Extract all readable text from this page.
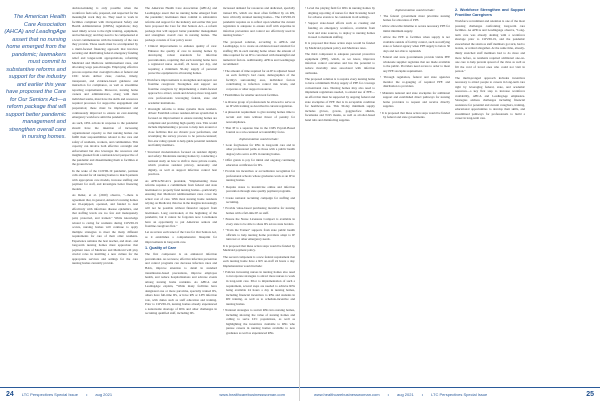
The American Health Care Association (AHCA) and LeadingAge assert that no nursing home emerged from the pandemic; lawmakers must commit to substantive reforms and support for the industry and earlier this year have proposed the Care for Our Seniors Act—a reform package that will support better pandemic management and strengthen overall care in nursing homes.

decision-making is only possible when the workforce feels safe, prepared, and respected for the meaningful work they do. They need to work in facilities compliant with Occupational Safety and Health Administration (OSHA) regulations; they need timely access to the right training, equipment, and technology; and they need to be compensated at a level commensurate with the intensity of the care they provide. These needs must be accompanied by a multi-faceted financing approach that involves securing and distributing federal emergency funding relief and longer-term appropriations, reforming Medicaid and Medicare reimbursement rates, and allocating wage pass-throughs. Employing effective process requires that oversight bodies at federal and CDC levels deliver clear, concise, timely, transparent, and evidence-based guidance and instruction for compliance, as well as streamline reporting requirements. Moreover, nursing home owners and administrators, along with their individual teams, must have the skills and resources required processes for supportive engagement and preparation; these must be implemented and continuously improved to ensure an ever-learning emergency workforce amid the pandemic.

As such, ONL actions in response to the pandemic should have the intention of increasing organizational capacity so that nursing homes can fulfill their responsibilities related to the care and safety of residents, workers, and communities. This capacity can involve both effective oversight and enforcement but also leverages the resources and insights gleaned from a national-level perspective of the pandemic and disseminating them to facilities at the ground level.

In the wake of the COVID-19 pandemic, partisan calls abound for all nursing homes to match patients with appropriate care models, increase staffing and payment for staff, and investigate better financing models.

As Reher, et al. (2020) observe, "...there is agreement that, in general, America's nursing homes are ill-equipped, operated, and funded to deal effectively with infectious disease epidemics, and that staffing levels are too few and inadequately paid, protected, and trained." While knowledge related to caring for residents during COVID-19 occurs, nursing homes will continue to apply multiple strategies to meet the many different requirements for care of their older residents. Experience remains the best teacher, and short- and long-term nursing homes must appreciate that payment rates of Medicare and Medicaid will play crucial roles in instilling a new culture for the appropriate services and settings for the care nursing homes currently provide.

The American Health Care Association (AHCA) and LeadingAge assert that no nursing home emerged from the pandemic; lawmakers must commit to substantive reforms and support for the industry and earlier this year have proposed the Care for Our Seniors Act—a reform package that will support better pandemic management and strengthen overall care in nursing homes. The package consists of four policy areas:

• Clinical improvements to enhance quality of care: Enhance the quality of care in nursing homes by developing robust standards for infection preventionists, requiring that each nursing home have a registered nurse on-staff, 24 hours per day, and requiring a minimum 30-day supply of personal protective equipment in all nursing homes.

• Workforce improvements to strengthen and support our frontline caregivers: Strengthen and support our frontline caregivers by implementing a multi-faceted approach to attract, retain and develop more long-term care professionals leveraging federal, state and academic institutions.

• Oversight reforms to make systems more resident-driven: Establish a more resident-driven system that is focused on improvement to ensure nursing homes are compliant and providing high quality care. This would include implementing a process to help turn around or close facilities that are chronic poor performers, and revamping the survey process to be person-centered; five-star rating system to help guide potential residents and family members.

• Structural modernization focused on resident dignity and safety: Modernize nursing homes by conducting a national study on how to shift to more private rooms, which promote resident privacy, autonomy and dignity, as well as support infection control best practices.

As AHCA/NCAL's president, "Implementing these reforms requires a commitment from federal and state lawmakers to properly fund nursing homes—particularly ensuring that Medicaid reimbursement rates cover the actual cost of care. With most nursing home residents relying on Medicaid, this rise in the margins increasingly will not be possible without financial support from lawmakers. Long overlooked, at the beginning of the pandemic, but it cannot be forgotten now. Lawmakers have an opportunity to put American seniors and frontline caregivers first."

Let us review each tenet of the Care for Our Seniors Act, as it establishes a comprehensive blueprint for improvements in long-term care.

1. Quality of Care

The first component is an enhanced infection preventionist. As we know, effective infection prevention and control programs can decrease infection rates and HAIs, improve attention to detail in standard transmission-based precautions, improve employee health, and reduce hospitalizations and adverse events among nursing home residents. As AHCA and LeadingAge explain, "While many facilities have designated one or more part-time, specialty trained IPs, others have full-time IPs, or have RN or LPN infection role, with duties such as staff education and training. Prior to COVID-19, nursing homes already experienced a nationwide shortage of RNs and other challenges in recruiting qualified staff, including IPs.

increased demand for resources and dedicated, specially trained IPs, which are most often fulfilled by an RN, have critically strained nursing homes... The COVID-19 pandemic requires us to reflect upon whether the current regulation is adequate to ensure staff with expertise in infection prevention and control are effectively used in nursing homes."

The proposed solution, according to AHCA and LeadingAge, is to create an evidence-based standard for staffing IPs in each nursing home where the amount of time required for an IP is correlated with meaningful and numerical factors. Additionally, AHCA and LeadingAge recommend:

• The amount of time required for an IP is adjusted based on each facility's bed count, demographics of the facility's surrounding area, individual factors contributing to infection control risk levels, and corporate or other support resources.

• Flexibilities for smaller and rural facilities.

• A diverse group of professionals be allowed to serve as an IP with training as described in current regulation.

• A phased-in requirement to give nursing homes time to recruit and train without threat of penalty for noncompliance.

• That IP is a separate line in the CMS Payroll-Based Journal as a role-centered accountability focus.

Implementation would include:

• Loan forgiveness for RNs in long-term care and in other professional paths as those with a public health degree) who serve as IPs in nursing homes.

• Offer grants to pay for initial and ongoing continuing education certificates for IPs.

• Provide tax incentives or accreditation recognition for professional schools whose graduates work as an IP in nursing homes.

• Require states to incentivize online and infection prevention through state quality payment programs.

• Create national recruiting campaign for staffing and recruiting.

• Provide value-based purchasing incentive for nursing homes with a full-time IP on staff.

• Ensure the Nurse Licensure Compact is available in every state to be able to share IPs across state borders.

• "Train the Trainer" supports from state public health officials to help nursing home providers adapt to IP turnover or other emergency needs.

It is proposed that these action steps would be funded by Medicaid payment policy.

The second component is a new federal requirement that each nursing home have a RN on-staff 24 hours a day. Implementation would include:

• Policies increasing nurses in nursing homes also need to incorporate strategies to attract more nurses to work in long-term care. Prior to implementation of such a requirement, several steps are needed to achieve RNs being available 24 hours a day in nursing homes, including financial incentives to RNs and students in RN training, as well as to schedule-incentive and nursing homes.

• National strategies to recruit RNs into nursing homes, including showing the value of nursing homes and calling to serve LTC populations, as well as highlighting the incentives available to RNs who pursue careers in nursing homes available to new graduates as well as experienced RNs.

24 LTC Perspectives Special Issue • aug 2021	www.healthcarebusinesswoman.com

• Level the playing field for RNs in nursing homes by aligning reporting of nurses for their licensing board for adverse events to be consistent in all settings.

• Support state-based efforts such as creating and funding an emergency workforce, available from local and state sources, to deploy to nursing homes in need to maintain staffing.

It is proposed that these action steps would be funded by Medicaid payment policy and Medicare rates.

The third component is adequate personal protective equipment (PPE), which, as we know, improves infection control outcomes and has the potential to reduce mortality rates associated with infection outbreaks.

The proposed solution is to require every nursing home to have a minimum 30-day supply of PPE for coverage conventional care. Nursing homes may also need to implement regulations needed, to extend use of PPE—an effort that must be supported by ongoing federal and state stockpiles of PPE that is in acceptable condition for healthcare use. This 30-day minimum supply includes gloves, gowns, goggles/face shields, facemasks and N-95 masks, as well as alcohol-based hand rubs and disinfecting supplies.

Implementation would include:

• The federal government must prioritize nursing homes for allocation of PPE.

• Allow allowable timeline to secure necessary PPE for initial minimum supply.

• Allow the PPE to facilities when supply is not available outside of facility control, such as notifying state or federal agency when PPE supply is below 30 days and not able to replenish.

• Federal and state governments provide viable PPE wholesale supplier registries that are made available to the public. Providers need access to order to meet any PPE stockpile requirement.

• Through regulation, federal and state agencies monitor the re-gauging of required PPE and distribution to providers.

• Maintain national and state stockpiles for additional support and established direct pathways for nursing home providers to request and receive directly supplies.

• It is proposed that these action steps would be funded by federal and state governments.

2. Workforce Strengthen and Support Frontline Caregivers

Workforce recruitment and retention is one of the most pressing challenges confronting long-term care facilities. As AHCA and LeadingAge observe, "Long-term care was already dealing with a workforce shortage prior to COVID-19, and the pandemic exacerbated the strain as staff members got sick, had to isolate, or retired altogether. At the same time, already-thinly stretched staff members had to do more and more before, as residents required additional one-on-one care to help prevent spread of the virus as well as fill the void of loved ones who could not visit in person."

The multi-pronged approach includes incentives necessary to attract people to careers in long-term care right by leveraging federal, state, and academic resources—a key first step to increase workforce availability, AHCA and LeadingAge emphasize. Strategies address challenges including financial assistance for potential and current caregivers, training, educational opportunities to develop their skills, and streamlined pathways for professionals to build a career in long-term care.

www.healthcarebusinesswoman.com • aug 2021 • LTC Perspectives Special Issue	25
